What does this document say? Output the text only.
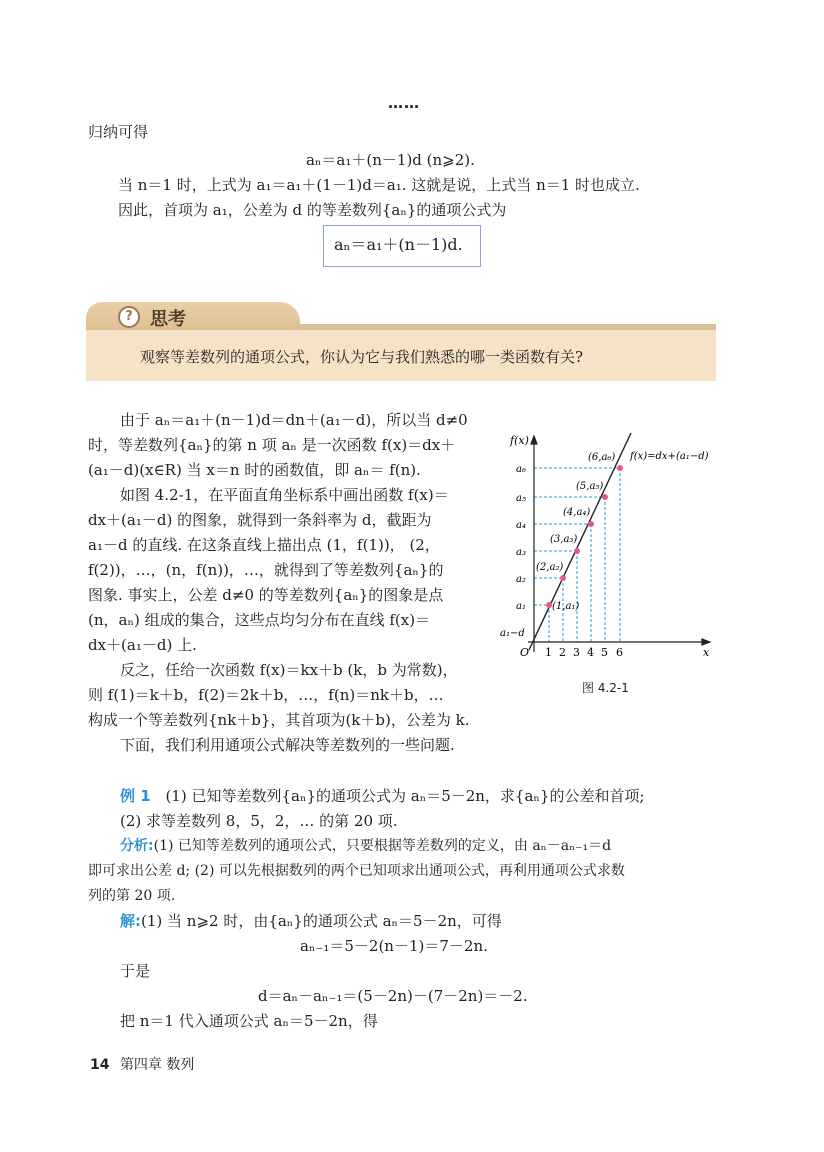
……
归纳可得
aₙ＝a₁＋(n－1)d (n⩾2).
当 n＝1 时，上式为 a₁＝a₁＋(1－1)d＝a₁. 这就是说，上式当 n＝1 时也成立.
因此，首项为 a₁，公差为 d 的等差数列{aₙ}的通项公式为
aₙ＝a₁＋(n－1)d.
? 思考
观察等差数列的通项公式，你认为它与我们熟悉的哪一类函数有关?
由于 aₙ＝a₁＋(n－1)d＝dn＋(a₁－d)，所以当 d≠0
时，等差数列{aₙ}的第 n 项 aₙ 是一次函数 f(x)＝dx＋
(a₁－d)(x∈R) 当 x＝n 时的函数值，即 aₙ＝ f(n).
如图 4.2-1，在平面直角坐标系中画出函数 f(x)＝
dx＋(a₁－d) 的图象，就得到一条斜率为 d，截距为
a₁－d 的直线. 在这条直线上描出点 (1，f(1))， (2，
f(2))，…，(n，f(n))，…，就得到了等差数列{aₙ}的
图象. 事实上，公差 d≠0 的等差数列{aₙ}的图象是点
(n，aₙ) 组成的集合，这些点均匀分布在直线 f(x)＝
dx＋(a₁－d) 上.
反之，任给一次函数 f(x)＝kx＋b (k，b 为常数)，
则 f(1)＝k＋b，f(2)＝2k＋b，…，f(n)＝nk＋b，…
构成一个等差数列{nk＋b}，其首项为(k＋b)，公差为 k.
下面，我们利用通项公式解决等差数列的一些问题.
f(x)
x
O
f(x)=dx+(a₁−d)
a₁−d
a₁
a₂
a₃
a₄
a₅
a₆
1 2 3 4 5 6
(1,a₁)
(2,a₂)
(3,a₃)
(4,a₄)
(5,a₅)
(6,a₆)
图 4.2-1
例 1 (1) 已知等差数列{aₙ}的通项公式为 aₙ＝5－2n，求{aₙ}的公差和首项;
(2) 求等差数列 8，5，2，… 的第 20 项.
分析:(1) 已知等差数列的通项公式，只要根据等差数列的定义，由 aₙ－aₙ₋₁＝d
即可求出公差 d; (2) 可以先根据数列的两个已知项求出通项公式，再利用通项公式求数
列的第 20 项.
解:(1) 当 n⩾2 时，由{aₙ}的通项公式 aₙ＝5－2n，可得
aₙ₋₁＝5－2(n－1)＝7－2n.
于是
d＝aₙ－aₙ₋₁＝(5－2n)－(7－2n)＝－2.
把 n＝1 代入通项公式 aₙ＝5－2n，得
14 第四章 数列
